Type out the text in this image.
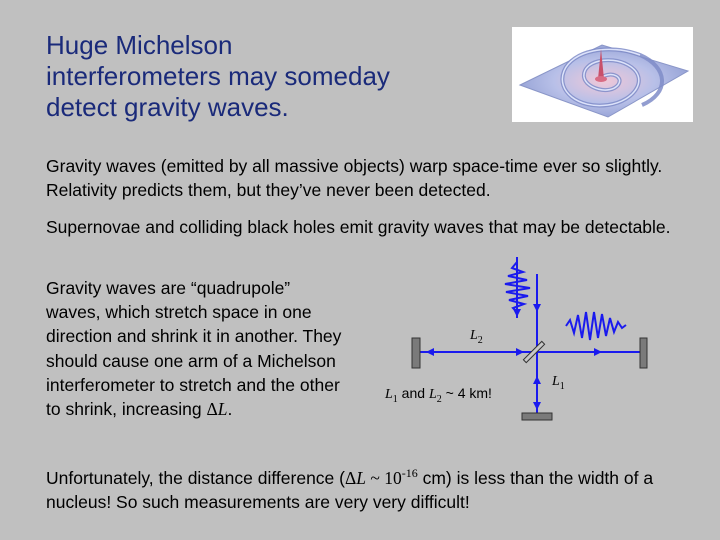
Huge Michelson
interferometers may someday
detect gravity waves.
Gravity waves (emitted by all massive objects) warp space-time ever so slightly. Relativity predicts them, but they’ve never been detected.
Supernovae and colliding black holes emit gravity waves that may be detectable.
Gravity waves are “quadrupole” waves, which stretch space in one direction and shrink it in another. They should cause one arm of a Michelson interferometer to stretch and the other to shrink, increasing ΔL.
Unfortunately, the distance difference (ΔL ~ $10^{-16}$ cm) is less than the width of a nucleus! So such measurements are very very difficult!
$L_2$
$L_1$
$L_1$ and $L_2$ ~ 4 km!
